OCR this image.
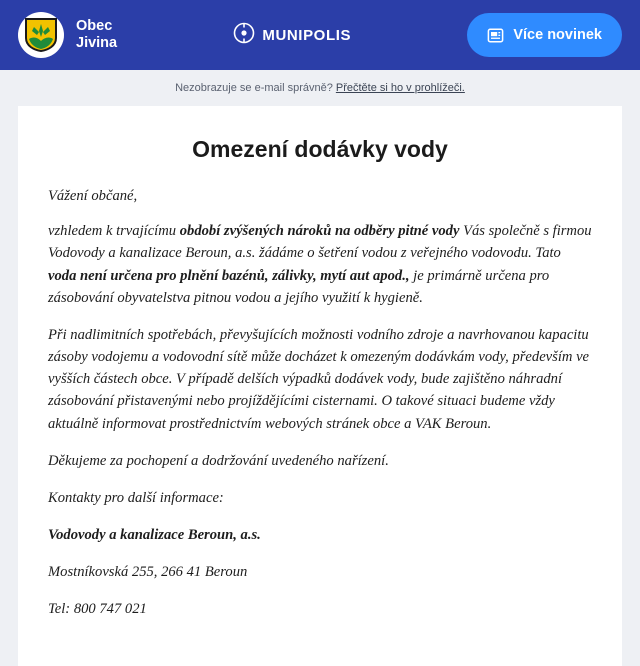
Obec
Jivina	MUNIPOLIS	Více novinek
Nezobrazuje se e-mail správně? Přečtěte si ho v prohlížeči.
Omezení dodávky vody

Vážení občané,

vzhledem k trvajícímu období zvýšených nároků na odběry pitné vody Vás společně s firmou Vodovody a kanalizace Beroun, a.s. žádáme o šetření vodou z veřejného vodovodu. Tato voda není určena pro plnění bazénů, zálivky, mytí aut apod., je primárně určena pro zásobování obyvatelstva pitnou vodou a jejího využití k hygieně.

Při nadlimitních spotřebách, převyšujících možnosti vodního zdroje a navrhovanou kapacitu zásoby vodojemu a vodovodní sítě může docházet k omezeným dodávkám vody, především ve vyšších částech obce. V případě delších výpadků dodávek vody, bude zajištěno náhradní zásobování přistavenými nebo projíždějícími cisternami. O takové situaci budeme vždy aktuálně informovat prostřednictvím webových stránek obce a VAK Beroun.

Děkujeme za pochopení a dodržování uvedeného nařízení.

Kontakty pro další informace:

Vodovody a kanalizace Beroun, a.s.

Mostníkovská 255, 266 41 Beroun

Tel: 800 747 021
